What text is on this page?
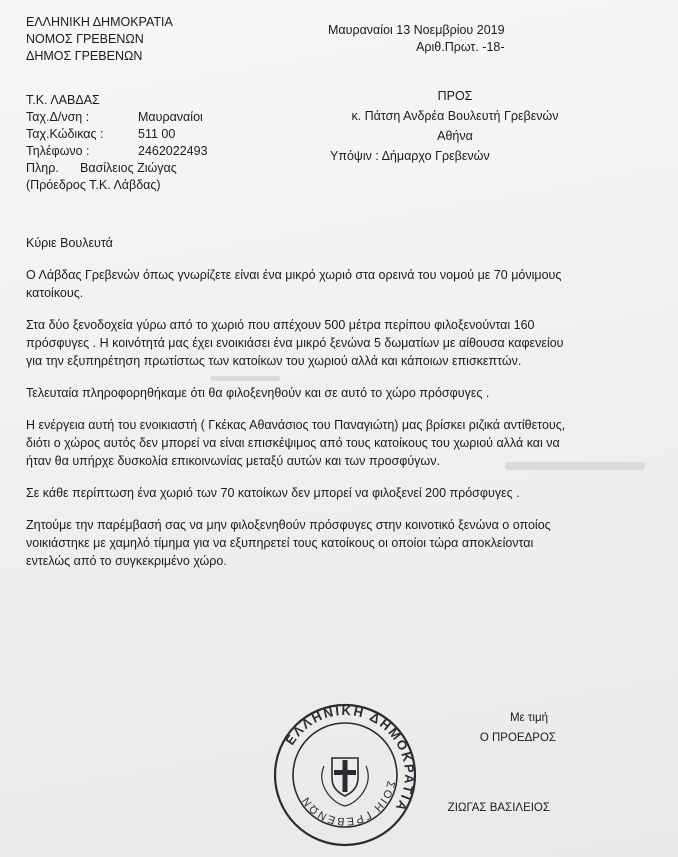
ΕΛΛΗΝΙΚΗ ΔΗΜΟΚΡΑΤΙΑ
ΝΟΜΟΣ ΓΡΕΒΕΝΩΝ
ΔΗΜΟΣ ΓΡΕΒΕΝΩΝ
Μαυραναίοι 13 Νοεμβρίου 2019
Αριθ.Πρωτ. -18-
Τ.Κ. ΛΑΒΔΑΣ
Ταχ.Δ/νση :	Μαυραναίοι
Ταχ.Κώδικας :	511 00
Τηλέφωνο :	2462022493
Πληρ.	Βασίλειος Ζιώγας
(Πρόεδρος Τ.Κ. Λάβδας)
ΠΡΟΣ
κ. Πάτση Ανδρέα Βουλευτή Γρεβενών
Αθήνα
Υπόψιν : Δήμαρχο Γρεβενών

Κύριε Βουλευτά

Ο Λάβδας Γρεβενών όπως γνωρίζετε είναι ένα μικρό χωριό στα ορεινά του νομού με 70 μόνιμους κατοίκους.

Στα δύο ξενοδοχεία γύρω από το χωριό που απέχουν 500 μέτρα περίπου φιλοξενούνται 160 πρόσφυγες . Η κοινότητά μας έχει ενοικιάσει ένα μικρό ξενώνα 5 δωματίων με αίθουσα καφενείου για την εξυπηρέτηση πρωτίστως των κατοίκων του χωριού αλλά και κάποιων επισκεπτών.

Τελευταία πληροφορηθήκαμε ότι θα φιλοξενηθούν και σε αυτό το χώρο πρόσφυγες .

Η ενέργεια αυτή του ενοικιαστή ( Γκέκας Αθανάσιος του Παναγιώτη) μας βρίσκει ριζικά αντίθετους, διότι ο χώρος αυτός δεν μπορεί να είναι επισκέψιμος από τους κατοίκους του χωριού αλλά και να ήταν θα υπήρχε δυσκολία επικοινωνίας μεταξύ αυτών και των προσφύγων.

Σε κάθε περίπτωση ένα χωριό των 70 κατοίκων δεν μπορεί να φιλοξενεί 200 πρόσφυγες .

Ζητούμε την παρέμβασή σας να μην φιλοξενηθούν πρόσφυγες στην κοινοτικό ξενώνα ο οποίος νοικιάστηκε με χαμηλό τίμημα για να εξυπηρετεί τους κατοίκους οι οποίοι τώρα αποκλείονται εντελώς από το συγκεκριμένο χώρο.

ΕΛΛΗΝΙΚΗ ΔΗΜΟΚΡΑΤΙΑ
ΣΟΙΗ ΓΡΕΒΕΝΩΝ
Με τιμή
Ο ΠΡΟΕΔΡΟΣ
ΖΙΩΓΑΣ ΒΑΣΙΛΕΙΟΣ
